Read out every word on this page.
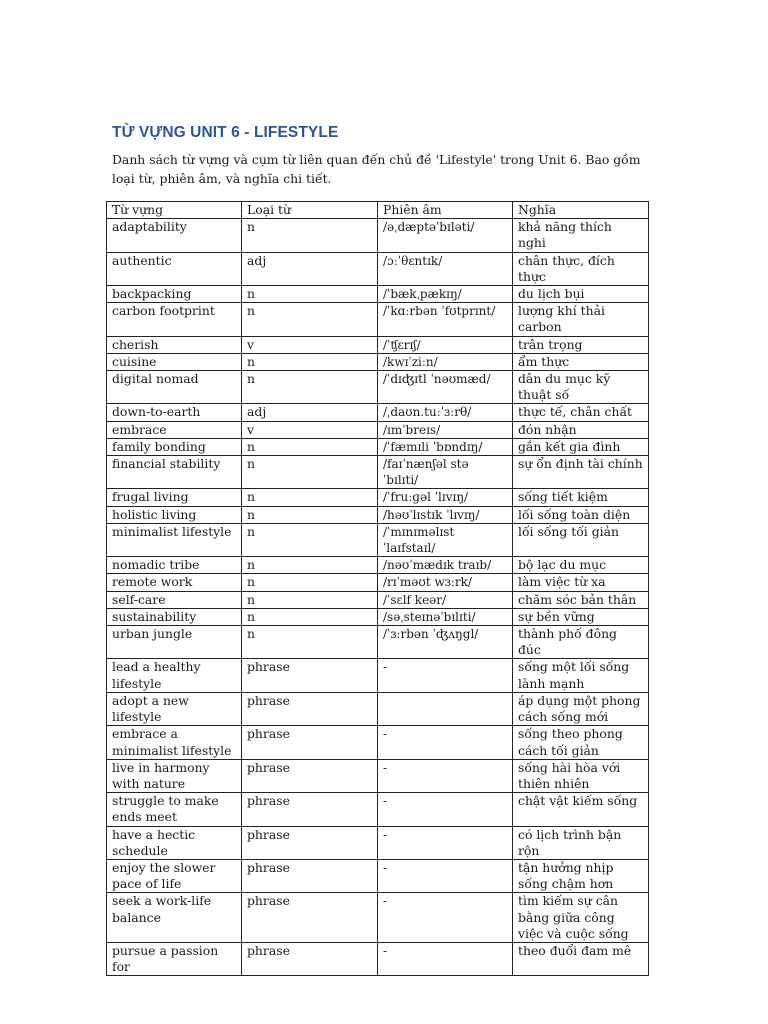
TỪ VỰNG UNIT 6 - LIFESTYLE

Danh sách từ vựng và cụm từ liên quan đến chủ đề 'Lifestyle' trong Unit 6. Bao gồm loại từ, phiên âm, và nghĩa chi tiết.

Từ vựng	Loại từ	Phiên âm	Nghĩa
adaptability	n	/əˌdæptəˈbɪləti/	khả năng thích nghi
authentic	adj	/ɔːˈθɛntɪk/	chân thực, đích thực
backpacking	n	/ˈbækˌpækɪŋ/	du lịch bụi
carbon footprint	n	/ˈkɑːrbən ˈfʊtprɪnt/	lượng khí thải carbon
cherish	v	/ˈʧɛrɪʃ/	trân trọng
cuisine	n	/kwɪˈziːn/	ẩm thực
digital nomad	n	/ˈdɪʤɪtl ˈnəʊmæd/	dân du mục kỹ thuật số
down-to-earth	adj	/ˌdaʊn.tuːˈɜːrθ/	thực tế, chân chất
embrace	v	/ɪmˈbreɪs/	đón nhận
family bonding	n	/ˈfæmɪli ˈbɒndɪŋ/	gắn kết gia đình
financial stability	n	/faɪˈnænʃəl stə ˈbɪlɪti/	sự ổn định tài chính
frugal living	n	/ˈfruːɡəl ˈlɪvɪŋ/	sống tiết kiệm
holistic living	n	/həʊˈlɪstɪk ˈlɪvɪŋ/	lối sống toàn diện
minimalist lifestyle	n	/ˈmɪnɪməlɪst ˈlaɪfstaɪl/	lối sống tối giản
nomadic tribe	n	/nəʊˈmædɪk traɪb/	bộ lạc du mục
remote work	n	/rɪˈməʊt wɜːrk/	làm việc từ xa
self-care	n	/ˈsɛlf keər/	chăm sóc bản thân
sustainability	n	/səˌsteɪnəˈbɪlɪti/	sự bền vững
urban jungle	n	/ˈɜːrbən ˈʤʌŋgl/	thành phố đông đúc
lead a healthy lifestyle	phrase	-	sống một lối sống lành mạnh
adopt a new lifestyle	phrase		áp dụng một phong cách sống mới
embrace a minimalist lifestyle	phrase	-	sống theo phong cách tối giản
live in harmony with nature	phrase	-	sống hài hòa với thiên nhiên
struggle to make ends meet	phrase	-	chật vật kiếm sống
have a hectic schedule	phrase	-	có lịch trình bận rộn
enjoy the slower pace of life	phrase	-	tận hưởng nhịp sống chậm hơn
seek a work-life balance	phrase	-	tìm kiếm sự cân bằng giữa công việc và cuộc sống
pursue a passion for	phrase	-	theo đuổi đam mê
